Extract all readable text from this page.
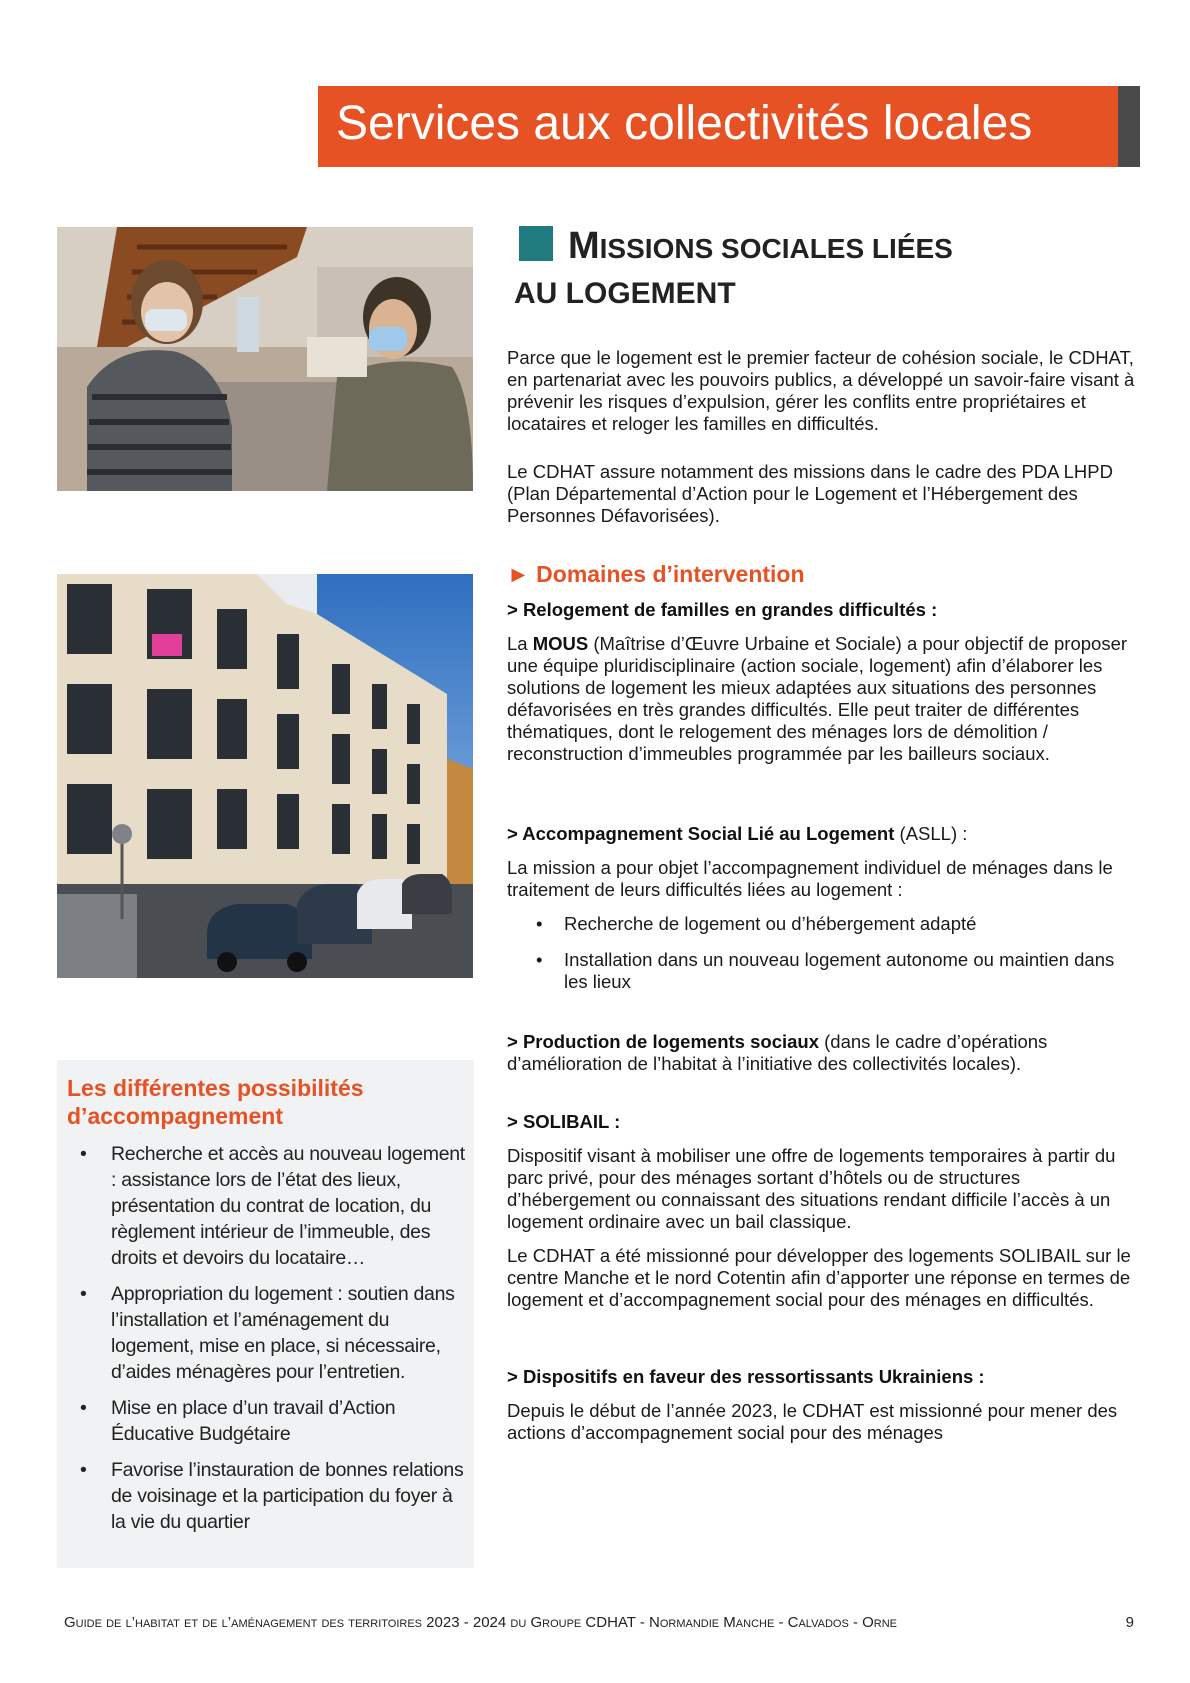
Services aux collectivités locales
MISSIONS SOCIALES LIÉES
AU LOGEMENT

Parce que le logement est le premier facteur de cohésion sociale, le CDHAT, en partenariat avec les pouvoirs publics, a développé un savoir-faire visant à prévenir les risques d’expulsion, gérer les conflits entre propriétaires et locataires et reloger les familles en difficultés.

Le CDHAT assure notamment des missions dans le cadre des PDA LHPD (Plan Départemental d’Action pour le Logement et l’Hébergement des Personnes Défavorisées).

► Domaines d’intervention
> Relogement de familles en grandes difficultés :

La MOUS (Maîtrise d’Œuvre Urbaine et Sociale) a pour objectif de proposer une équipe pluridisciplinaire (action sociale, logement) afin d’élaborer les solutions de logement les mieux adaptées aux situations des personnes défavorisées en très grandes difficultés. Elle peut traiter de différentes thématiques, dont le relogement des ménages lors de démolition / reconstruction d’immeubles programmée par les bailleurs sociaux.

> Accompagnement Social Lié au Logement (ASLL) :

La mission a pour objet l’accompagnement individuel de ménages dans le traitement de leurs difficultés liées au logement :

• Recherche de logement ou d’hébergement adapté
• Installation dans un nouveau logement autonome ou maintien dans les lieux

> Production de logements sociaux (dans le cadre d’opérations d’amélioration de l’habitat à l’initiative des collectivités locales).

> SOLIBAIL :

Dispositif visant à mobiliser une offre de logements temporaires à partir du parc privé, pour des ménages sortant d’hôtels ou de structures d’hébergement ou connaissant des situations rendant difficile l’accès à un logement ordinaire avec un bail classique.

Le CDHAT a été missionné pour développer des logements SOLIBAIL sur le centre Manche et le nord Cotentin afin d’apporter une réponse en termes de logement et d’accompagnement social pour des ménages en difficultés.

> Dispositifs en faveur des ressortissants Ukrainiens :

Depuis le début de l’année 2023, le CDHAT est missionné pour mener des actions d’accompagnement social pour des ménages

Les différentes possibilités d’accompagnement
• Recherche et accès au nouveau logement : assistance lors de l’état des lieux, présentation du contrat de location, du règlement intérieur de l’immeuble, des droits et devoirs du locataire…
• Appropriation du logement : soutien dans l’installation et l’aménagement du logement, mise en place, si nécessaire, d’aides ménagères pour l’entretien.
• Mise en place d’un travail d’Action Éducative Budgétaire
• Favorise l’instauration de bonnes relations de voisinage et la participation du foyer à la vie du quartier
Guide de l’habitat et de l’aménagement des territoires 2023 - 2024 du Groupe CDHAT - Normandie Manche - Calvados - Orne	9
